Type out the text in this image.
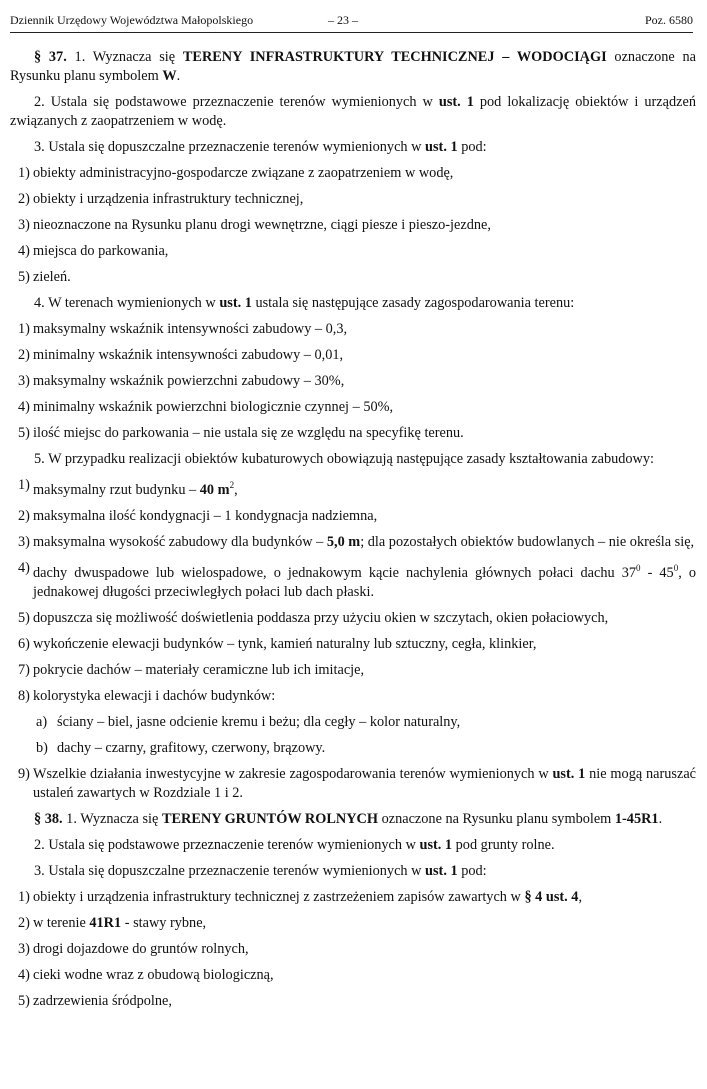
Dziennik Urzędowy Województwa Małopolskiego	– 23 –	Poz. 6580

§ 37. 1. Wyznacza się TERENY INFRASTRUKTURY TECHNICZNEJ – WODOCIĄGI oznaczone na Rysunku planu symbolem W.

2. Ustala się podstawowe przeznaczenie terenów wymienionych w ust. 1 pod lokalizację obiektów i urządzeń związanych z zaopatrzeniem w wodę.

3. Ustala się dopuszczalne przeznaczenie terenów wymienionych w ust. 1 pod:

1) obiekty administracyjno-gospodarcze związane z zaopatrzeniem w wodę,

2) obiekty i urządzenia infrastruktury technicznej,

3) nieoznaczone na Rysunku planu drogi wewnętrzne, ciągi piesze i pieszo-jezdne,

4) miejsca do parkowania,

5) zieleń.

4. W terenach wymienionych w ust. 1 ustala się następujące zasady zagospodarowania terenu:

1) maksymalny wskaźnik intensywności zabudowy – 0,3,

2) minimalny wskaźnik intensywności zabudowy – 0,01,

3) maksymalny wskaźnik powierzchni zabudowy – 30%,

4) minimalny wskaźnik powierzchni biologicznie czynnej – 50%,

5) ilość miejsc do parkowania – nie ustala się ze względu na specyfikę terenu.

5. W przypadku realizacji obiektów kubaturowych obowiązują następujące zasady kształtowania zabudowy:

1) maksymalny rzut budynku – 40 $m^2$,

2) maksymalna ilość kondygnacji – 1 kondygnacja nadziemna,

3) maksymalna wysokość zabudowy dla budynków – 5,0 m; dla pozostałych obiektów budowlanych – nie określa się,

4) dachy dwuspadowe lub wielospadowe, o jednakowym kącie nachylenia głównych połaci dachu $37^0 - 45^0$, o jednakowej długości przeciwległych połaci lub dach płaski.

5) dopuszcza się możliwość doświetlenia poddasza przy użyciu okien w szczytach, okien połaciowych,

6) wykończenie elewacji budynków – tynk, kamień naturalny lub sztuczny, cegła, klinkier,

7) pokrycie dachów – materiały ceramiczne lub ich imitacje,

8) kolorystyka elewacji i dachów budynków:

a) ściany – biel, jasne odcienie kremu i beżu; dla cegły – kolor naturalny,

b) dachy – czarny, grafitowy, czerwony, brązowy.

9) Wszelkie działania inwestycyjne w zakresie zagospodarowania terenów wymienionych w ust. 1 nie mogą naruszać ustaleń zawartych w Rozdziale 1 i 2.

§ 38. 1. Wyznacza się TERENY GRUNTÓW ROLNYCH oznaczone na Rysunku planu symbolem 1-45R1.

2. Ustala się podstawowe przeznaczenie terenów wymienionych w ust. 1 pod grunty rolne.

3. Ustala się dopuszczalne przeznaczenie terenów wymienionych w ust. 1 pod:

1) obiekty i urządzenia infrastruktury technicznej z zastrzeżeniem zapisów zawartych w § 4 ust. 4,

2) w terenie 41R1 - stawy rybne,

3) drogi dojazdowe do gruntów rolnych,

4) cieki wodne wraz z obudową biologiczną,

5) zadrzewienia śródpolne,
